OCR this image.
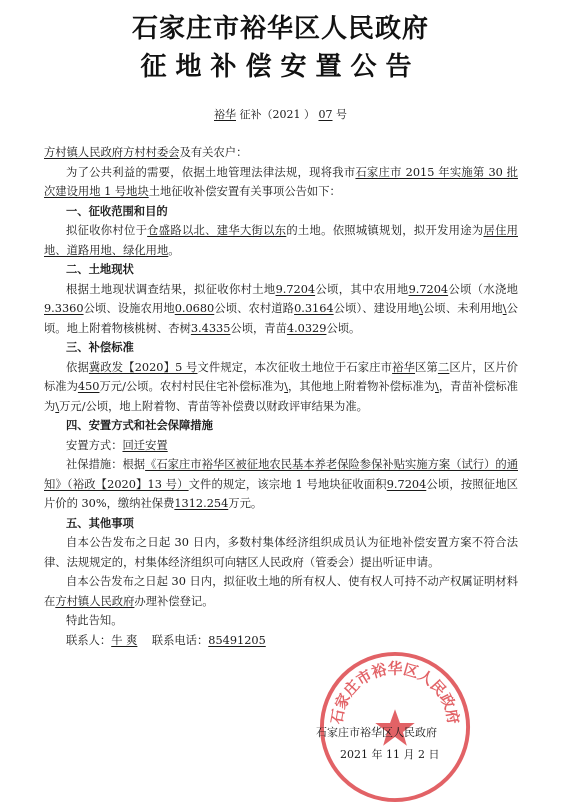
石家庄市裕华区人民政府
征地补偿安置公告
裕华 征补（2021 ） 07 号

方村镇人民政府方村村委会及有关农户：

为了公共利益的需要，依据土地管理法律法规，现将我市石家庄市 2015 年实施第 30 批次建设用地 1 号地块土地征收补偿安置有关事项公告如下：

一、征收范围和目的

拟征收你村位于仓盛路以北、建华大街以东的土地。依照城镇规划，拟开发用途为居住用地、道路用地、绿化用地。

二、土地现状

根据土地现状调查结果，拟征收你村土地9.7204公顷，其中农用地9.7204公顷（水浇地9.3360公顷、设施农用地0.0680公顷、农村道路0.3164公顷）、建设用地\公顷、未利用地\公顷。地上附着物核桃树、杏树3.4335公顷，青苗4.0329公顷。

三、补偿标准

依据冀政发【2020】5 号文件规定，本次征收土地位于石家庄市裕华区第二区片，区片价标准为450万元/公顷。农村村民住宅补偿标准为\，其他地上附着物补偿标准为\，青苗补偿标准为\万元/公顷，地上附着物、青苗等补偿费以财政评审结果为准。

四、安置方式和社会保障措施

安置方式：回迁安置

社保措施：根据《石家庄市裕华区被征地农民基本养老保险参保补贴实施方案（试行）的通知》（裕政【2020】13 号）文件的规定，该宗地 1 号地块征收面积9.7204公顷，按照征地区片价的 30%，缴纳社保费1312.254万元。

五、其他事项

自本公告发布之日起 30 日内，多数村集体经济组织成员认为征地补偿安置方案不符合法律、法规规定的，村集体经济组织可向辖区人民政府（管委会）提出听证申请。

自本公告发布之日起 30 日内，拟征收土地的所有权人、使有权人可持不动产权属证明材料在方村镇人民政府办理补偿登记。

特此告知。

联系人：牛 爽 联系电话：85491205

石家庄市裕华区人民政府
石家庄市裕华区人民政府
2021 年 11 月 2 日
